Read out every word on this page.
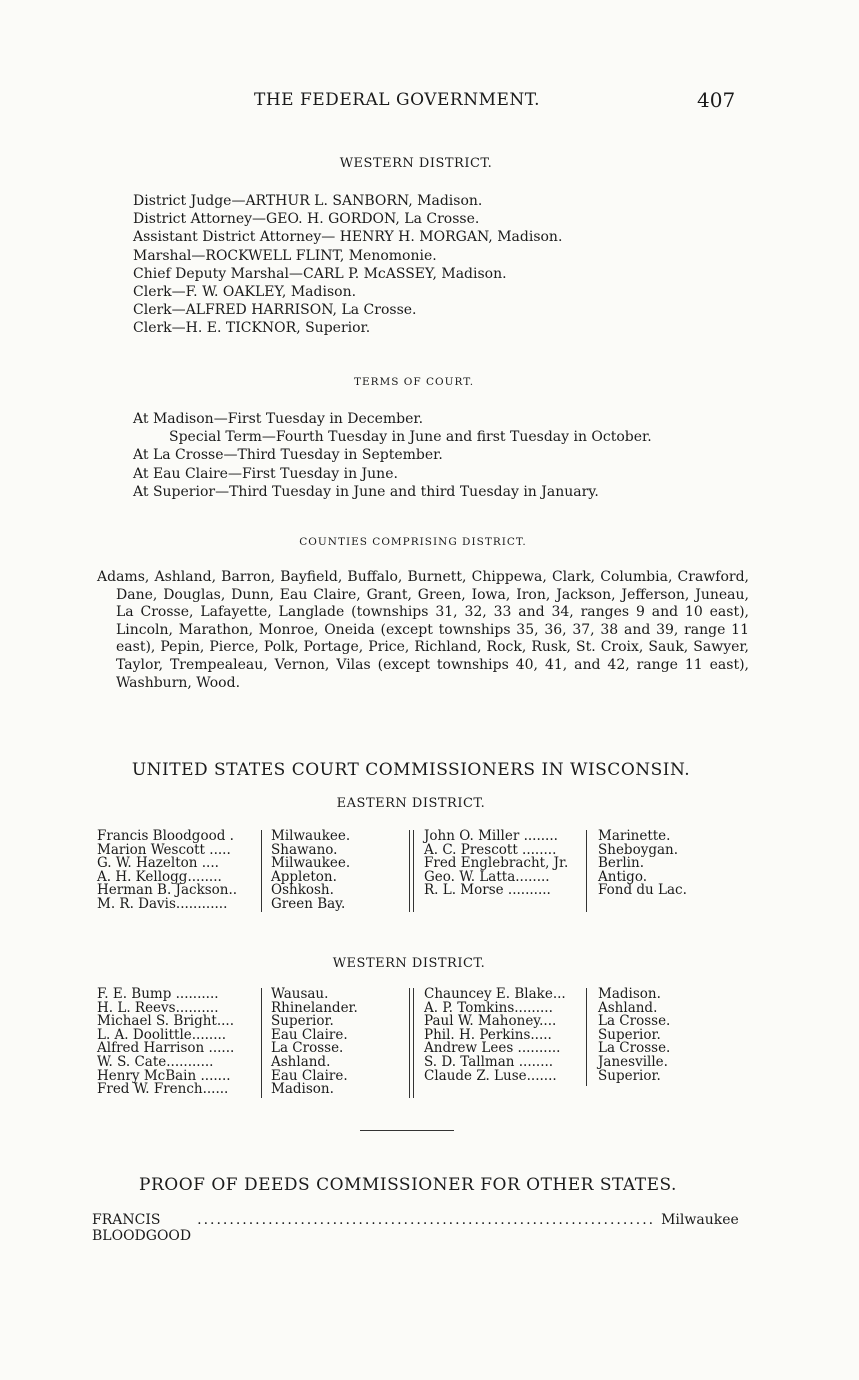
THE FEDERAL GOVERNMENT.	407
WESTERN DISTRICT.
District Judge—ARTHUR L. SANBORN, Madison.
District Attorney—GEO. H. GORDON, La Crosse.
Assistant District Attorney— HENRY H. MORGAN, Madison.
Marshal—ROCKWELL FLINT, Menomonie.
Chief Deputy Marshal—CARL P. McASSEY, Madison.
Clerk—F. W. OAKLEY, Madison.
Clerk—ALFRED HARRISON, La Crosse.
Clerk—H. E. TICKNOR, Superior.
TERMS OF COURT.
At Madison—First Tuesday in December.
Special Term—Fourth Tuesday in June and first Tuesday in October.
At La Crosse—Third Tuesday in September.
At Eau Claire—First Tuesday in June.
At Superior—Third Tuesday in June and third Tuesday in January.
COUNTIES COMPRISING DISTRICT.
Adams, Ashland, Barron, Bayfield, Buffalo, Burnett, Chippewa, Clark, Columbia, Crawford, Dane, Douglas, Dunn, Eau Claire, Grant, Green, Iowa, Iron, Jackson, Jefferson, Juneau, La Crosse, Lafayette, Langlade (townships 31, 32, 33 and 34, ranges 9 and 10 east), Lincoln, Marathon, Monroe, Oneida (except townships 35, 36, 37, 38 and 39, range 11 east), Pepin, Pierce, Polk, Portage, Price, Richland, Rock, Rusk, St. Croix, Sauk, Sawyer, Taylor, Trempealeau, Vernon, Vilas (except townships 40, 41, and 42, range 11 east), Washburn, Wood.
UNITED STATES COURT COMMISSIONERS IN WISCONSIN.
EASTERN DISTRICT.
Francis Bloodgood .
Marion Wescott .....
G. W. Hazelton ....
A. H. Kellogg........
Herman B. Jackson..
M. R. Davis............
Milwaukee.
Shawano.
Milwaukee.
Appleton.
Oshkosh.
Green Bay.
John O. Miller ........
A. C. Prescott ........
Fred Englebracht, Jr.
Geo. W. Latta........
R. L. Morse ..........
Marinette.
Sheboygan.
Berlin.
Antigo.
Fond du Lac.
WESTERN DISTRICT.
F. E. Bump ..........
H. L. Reevs..........
Michael S. Bright....
L. A. Doolittle........
Alfred Harrison ......
W. S. Cate...........
Henry McBain .......
Fred W. French......
Wausau.
Rhinelander.
Superior.
Eau Claire.
La Crosse.
Ashland.
Eau Claire.
Madison.
Chauncey E. Blake...
A. P. Tomkins.........
Paul W. Mahoney....
Phil. H. Perkins.....
Andrew Lees ..........
S. D. Tallman ........
Claude Z. Luse.......
Madison.
Ashland.
La Crosse.
Superior.
La Crosse.
Janesville.
Superior.
PROOF OF DEEDS COMMISSIONER FOR OTHER STATES.
FRANCIS BLOODGOOD
....................................................................... Milwaukee
